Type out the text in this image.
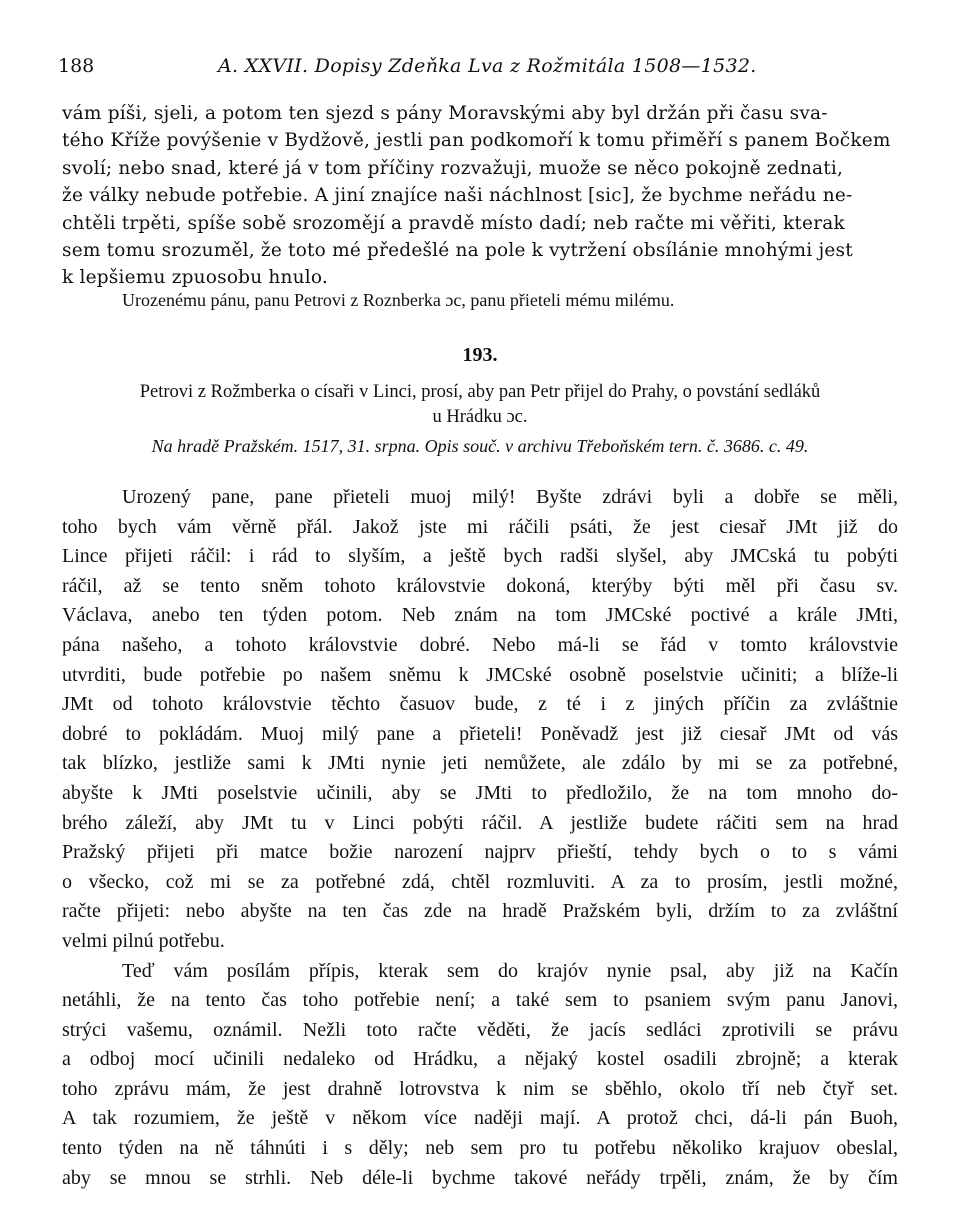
188	A. XXVII. Dopisy Zdeňka Lva z Rožmitála 1508—1532.
vám píši, sjeli, a potom ten sjezd s pány Moravskými aby byl držán při času sva-
tého Kříže povýšenie v Bydžově, jestli pan podkomoří k tomu přiměří s panem Bočkem
svolí; nebo snad, které já v tom příčiny rozvažuji, muože se něco pokojně zednati,
že války nebude potřebie. A jiní znajíce naši náchlnost [sic], že bychme neřádu ne-
chtěli trpěti, spíše sobě srozomějí a pravdě místo dadí; neb račte mi věřiti, kterak
sem tomu srozuměl, že toto mé předešlé na pole k vytržení obsílánie mnohými jest
k lepšiemu zpuosobu hnulo.
Urozenému pánu, panu Petrovi z Roznberka ɔc, panu přieteli mému milému.
193.
Petrovi z Rožmberka o císaři v Linci, prosí, aby pan Petr přijel do Prahy, o povstání sedláků
u Hrádku ɔc.
Na hradě Pražském. 1517, 31. srpna. Opis souč. v archivu Třeboňském tern. č. 3686. c. 49.
Urozený pane, pane přieteli muoj milý! Byšte zdrávi byli a dobře se měli,
toho bych vám věrně přál. Jakož jste mi ráčili psáti, že jest ciesař JMt již do
Lince přijeti ráčil: i rád to slyším, a ještě bych radši slyšel, aby JMCská tu pobýti
ráčil, až se tento sněm tohoto královstvie dokoná, kterýby býti měl při času sv.
Václava, anebo ten týden potom. Neb znám na tom JMCské poctivé a krále JMti,
pána našeho, a tohoto královstvie dobré. Nebo má-li se řád v tomto královstvie
utvrditi, bude potřebie po našem sněmu k JMCské osobně poselstvie učiniti; a blíže-li
JMt od tohoto královstvie těchto časuov bude, z té i z jiných příčin za zvláštnie
dobré to pokládám. Muoj milý pane a přieteli! Poněvadž jest již ciesař JMt od vás
tak blízko, jestliže sami k JMti nynie jeti nemůžete, ale zdálo by mi se za potřebné,
abyšte k JMti poselstvie učinili, aby se JMti to předložilo, že na tom mnoho do-
brého záleží, aby JMt tu v Linci pobýti ráčil. A jestliže budete ráčiti sem na hrad
Pražský přijeti při matce božie narození najprv přieští, tehdy bych o to s vámi
o všecko, což mi se za potřebné zdá, chtěl rozmluviti. A za to prosím, jestli možné,
račte přijeti: nebo abyšte na ten čas zde na hradě Pražském byli, držím to za zvláštní
velmi pilnú potřebu.
Teď vám posílám přípis, kterak sem do krajóv nynie psal, aby již na Kačín
netáhli, že na tento čas toho potřebie není; a také sem to psaniem svým panu Janovi,
strýci vašemu, oznámil. Nežli toto račte věděti, že jacís sedláci zprotivili se právu
a odboj mocí učinili nedaleko od Hrádku, a nějaký kostel osadili zbrojně; a kterak
toho zprávu mám, že jest drahně lotrovstva k nim se sběhlo, okolo tří neb čtyř set.
A tak rozumiem, že ještě v někom více naději mají. A protož chci, dá-li pán Buoh,
tento týden na ně táhnúti i s děly; neb sem pro tu potřebu několiko krajuov obeslal,
aby se mnou se strhli. Neb déle-li bychme takové neřády trpěli, znám, že by čím
